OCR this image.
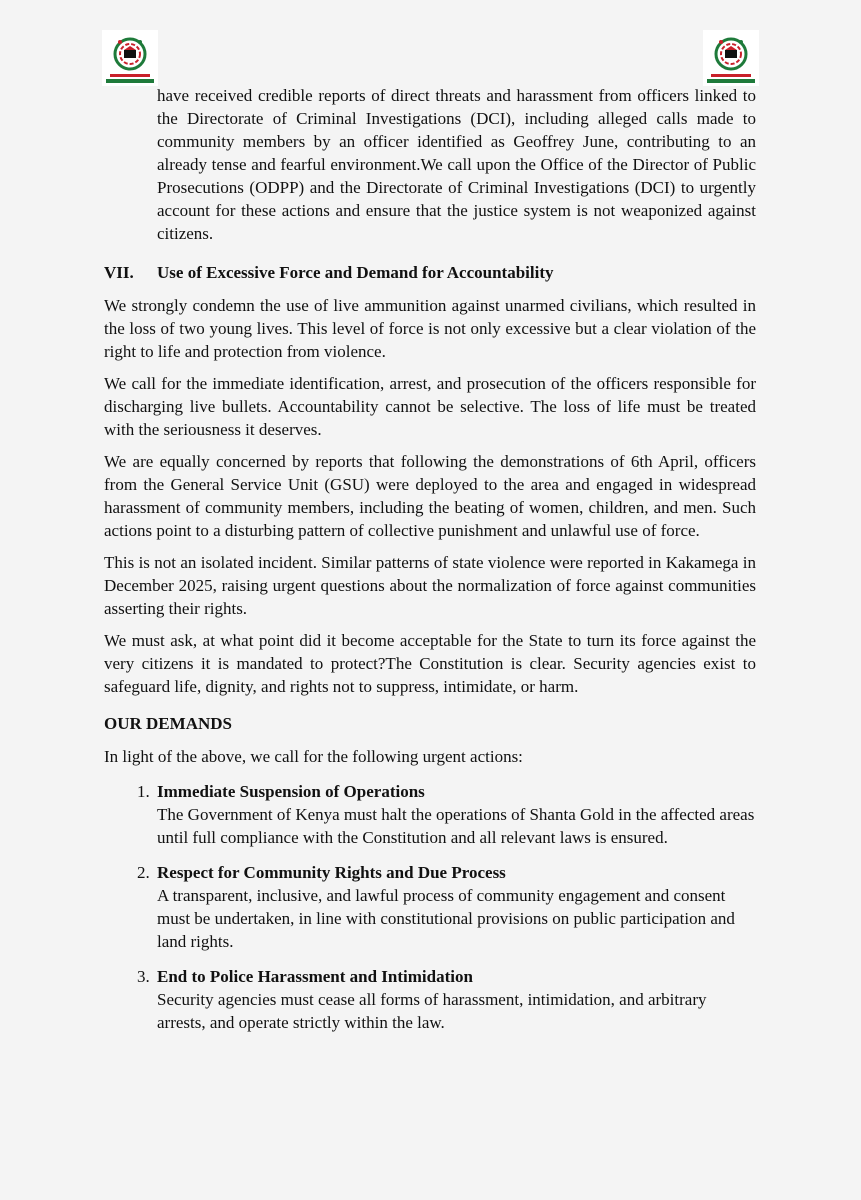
have received credible reports of direct threats and harassment from officers linked to the Directorate of Criminal Investigations (DCI), including alleged calls made to community members by an officer identified as Geoffrey June, contributing to an already tense and fearful environment.We call upon the Office of the Director of Public Prosecutions (ODPP) and the Directorate of Criminal Investigations (DCI) to urgently account for these actions and ensure that the justice system is not weaponized against citizens.

VII.	Use of Excessive Force and Demand for Accountability

We strongly condemn the use of live ammunition against unarmed civilians, which resulted in the loss of two young lives. This level of force is not only excessive but a clear violation of the right to life and protection from violence.

We call for the immediate identification, arrest, and prosecution of the officers responsible for discharging live bullets. Accountability cannot be selective. The loss of life must be treated with the seriousness it deserves.

We are equally concerned by reports that following the demonstrations of 6th April, officers from the General Service Unit (GSU) were deployed to the area and engaged in widespread harassment of community members, including the beating of women, children, and men. Such actions point to a disturbing pattern of collective punishment and unlawful use of force.

This is not an isolated incident. Similar patterns of state violence were reported in Kakamega in December 2025, raising urgent questions about the normalization of force against communities asserting their rights.

We must ask, at what point did it become acceptable for the State to turn its force against the very citizens it is mandated to protect?The Constitution is clear. Security agencies exist to safeguard life, dignity, and rights not to suppress, intimidate, or harm.

OUR DEMANDS

In light of the above, we call for the following urgent actions:

1. Immediate Suspension of Operations
The Government of Kenya must halt the operations of Shanta Gold in the affected areas until full compliance with the Constitution and all relevant laws is ensured.
2. Respect for Community Rights and Due Process
A transparent, inclusive, and lawful process of community engagement and consent must be undertaken, in line with constitutional provisions on public participation and land rights.
3. End to Police Harassment and Intimidation
Security agencies must cease all forms of harassment, intimidation, and arbitrary arrests, and operate strictly within the law.
